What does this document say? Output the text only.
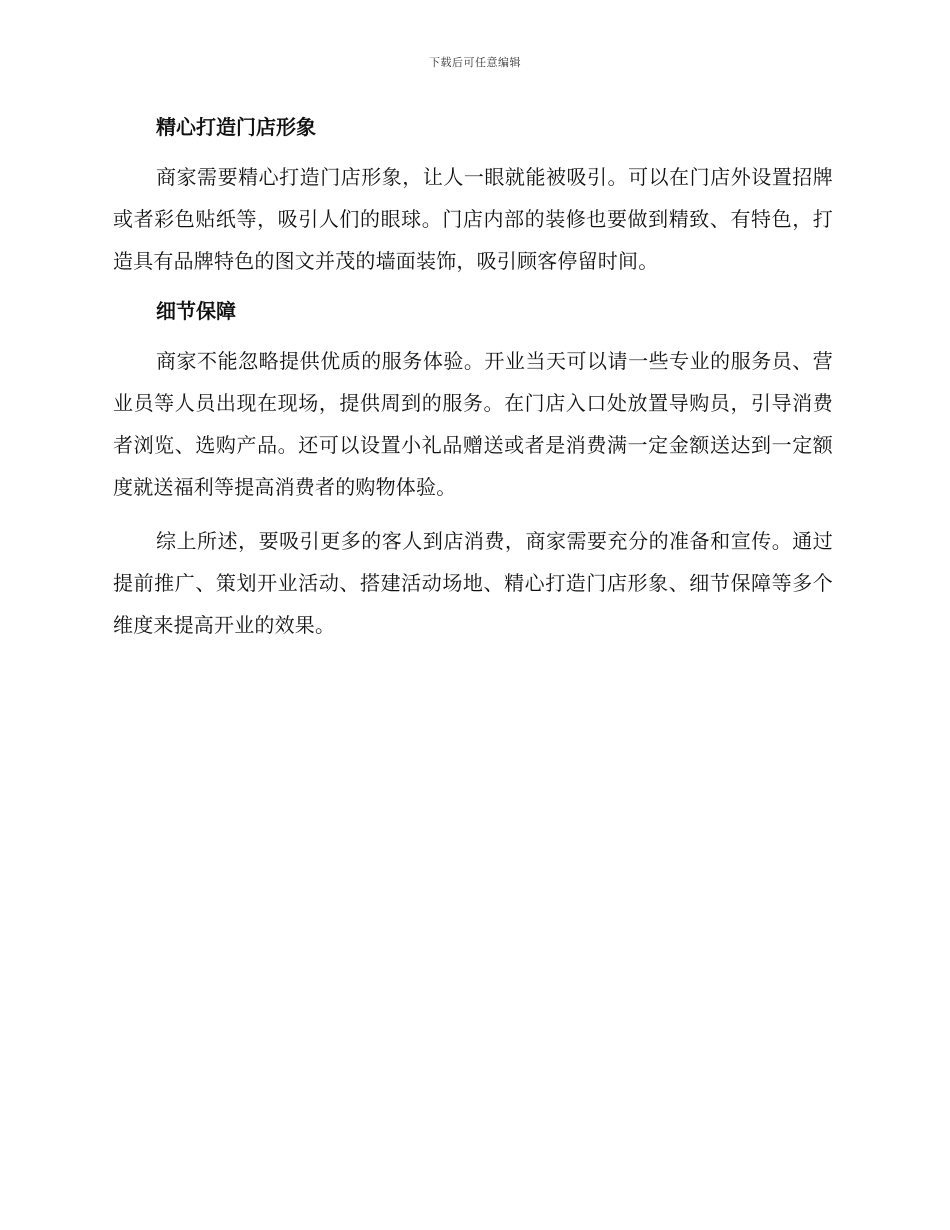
下载后可任意编辑
精心打造门店形象

商家需要精心打造门店形象，让人一眼就能被吸引。可以在门店外设置招牌或者彩色贴纸等，吸引人们的眼球。门店内部的装修也要做到精致、有特色，打造具有品牌特色的图文并茂的墙面装饰，吸引顾客停留时间。

细节保障

商家不能忽略提供优质的服务体验。开业当天可以请一些专业的服务员、营业员等人员出现在现场，提供周到的服务。在门店入口处放置导购员，引导消费者浏览、选购产品。还可以设置小礼品赠送或者是消费满一定金额送达到一定额度就送福利等提高消费者的购物体验。

综上所述，要吸引更多的客人到店消费，商家需要充分的准备和宣传。通过提前推广、策划开业活动、搭建活动场地、精心打造门店形象、细节保障等多个维度来提高开业的效果。
